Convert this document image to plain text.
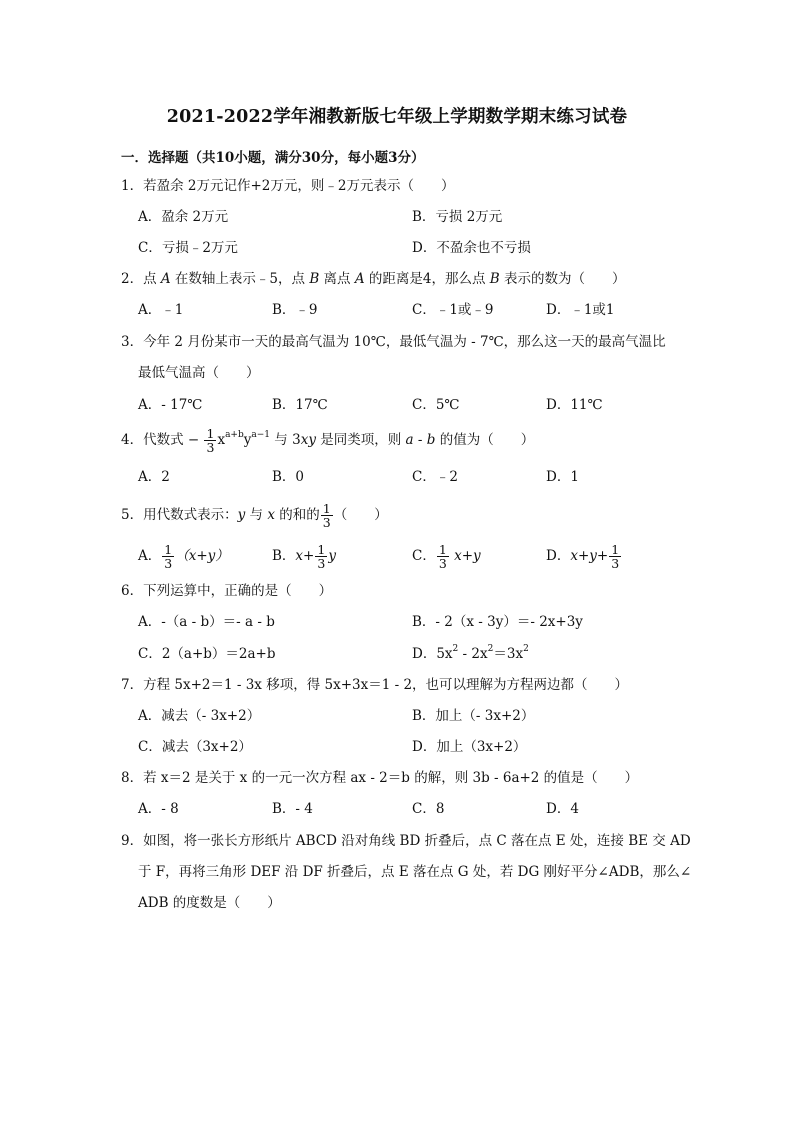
2021-2022学年湘教新版七年级上学期数学期末练习试卷
一．选择题（共10小题，满分30分，每小题3分）
1．若盈余 2万元记作+2万元，则﹣2万元表示（　　）
A．盈余 2万元	B．亏损 2万元
C．亏损﹣2万元	D．不盈余也不亏损
2．点 A 在数轴上表示﹣5，点 B 离点 A 的距离是4，那么点 B 表示的数为（　　）
A．﹣1	B．﹣9	C．﹣1或﹣9	D．﹣1或1
3．今年 2 月份某市一天的最高气温为 10℃，最低气温为 - 7℃，那么这一天的最高气温比
最低气温高（　　）
A．- 17℃	B．17℃	C．5℃	D．11℃
4．代数式 − $\frac{1}{3} x^{a+b}y^{a-1}$ 与 3xy 是同类项，则 a - b 的值为（　　）
A．2	B．0	C．﹣2	D．1
5．用代数式表示：y 与 x 的和的 $\frac{1}{3}$ （　　）
A． $\frac{1}{3} (x+y)$	B．$x+ \frac{1}{3}$ y	C． $\frac{1}{3} x+y$	D．$x+y+ \frac{1}{3}$
6．下列运算中，正确的是（　　）
A．-（a - b）＝- a - b	B．- 2（x - 3y）＝- 2x+3y
C．2（a+b）＝2a+b	D．$5x^2 - 2x^2=3x^2$
7．方程 5x+2＝1 - 3x 移项，得 5x+3x＝1 - 2，也可以理解为方程两边都（　　）
A．减去（- 3x+2）	B．加上（- 3x+2）
C．减去（3x+2）	D．加上（3x+2）
8．若 x＝2 是关于 x 的一元一次方程 ax - 2＝b 的解，则 3b - 6a+2 的值是（　　）
A．- 8	B．- 4	C．8	D．4
9．如图，将一张长方形纸片 ABCD 沿对角线 BD 折叠后，点 C 落在点 E 处，连接 BE 交 AD
于 F，再将三角形 DEF 沿 DF 折叠后，点 E 落在点 G 处，若 DG 刚好平分∠ADB，那么∠
ADB 的度数是（　　）
